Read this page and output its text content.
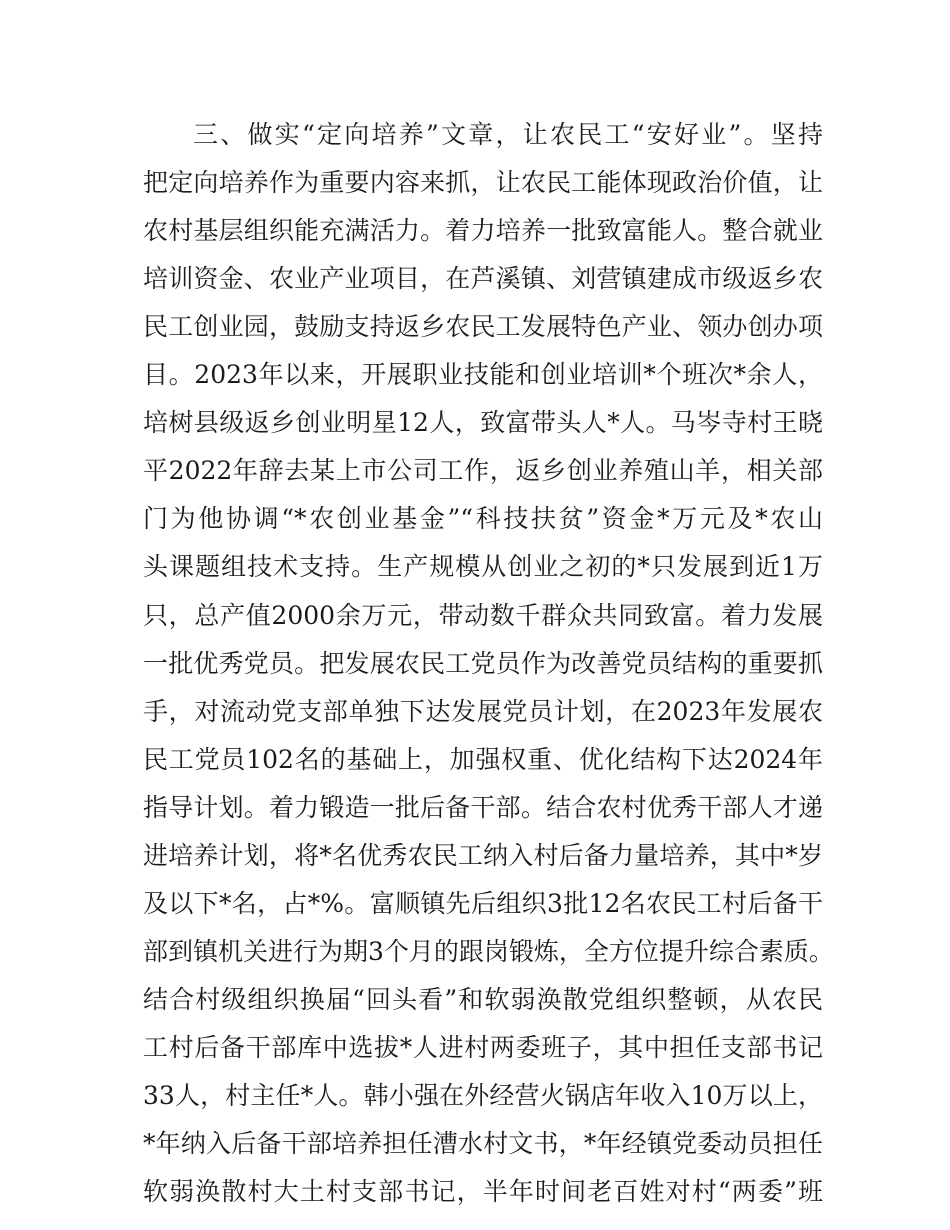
三、做实“定向培养”文章，让农民工“安好业”。坚持
把定向培养作为重要内容来抓，让农民工能体现政治价值，让
农村基层组织能充满活力。着力培养一批致富能人。整合就业
培训资金、农业产业项目，在芦溪镇、刘营镇建成市级返乡农
民工创业园，鼓励支持返乡农民工发展特色产业、领办创办项
目。2023年以来，开展职业技能和创业培训*个班次*余人，
培树县级返乡创业明星12人，致富带头人*人。马岑寺村王晓
平2022年辞去某上市公司工作，返乡创业养殖山羊，相关部
门为他协调“*农创业基金”“科技扶贫”资金*万元及*农山
头课题组技术支持。生产规模从创业之初的*只发展到近1万
只，总产值2000余万元，带动数千群众共同致富。着力发展
一批优秀党员。把发展农民工党员作为改善党员结构的重要抓
手，对流动党支部单独下达发展党员计划，在2023年发展农
民工党员102名的基础上，加强权重、优化结构下达2024年
指导计划。着力锻造一批后备干部。结合农村优秀干部人才递
进培养计划，将*名优秀农民工纳入村后备力量培养，其中*岁
及以下*名，占*%。富顺镇先后组织3批12名农民工村后备干
部到镇机关进行为期3个月的跟岗锻炼，全方位提升综合素质。
结合村级组织换届“回头看”和软弱涣散党组织整顿，从农民
工村后备干部库中选拔*人进村两委班子，其中担任支部书记
33人，村主任*人。韩小强在外经营火锅店年收入10万以上，
*年纳入后备干部培养担任漕水村文书，*年经镇党委动员担任
软弱涣散村大土村支部书记，半年时间老百姓对村“两委”班
